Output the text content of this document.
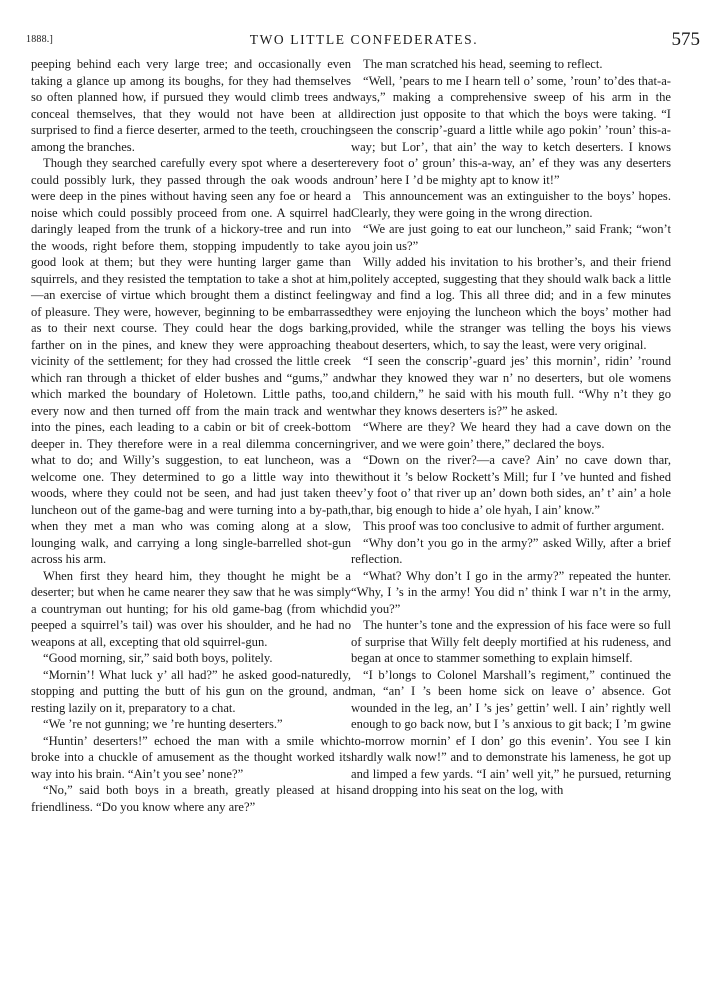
1888.]	TWO LITTLE CONFEDERATES.	575

peeping behind each very large tree; and occasionally even taking a glance up among its boughs, for they had themselves so often planned how, if pursued they would climb trees and conceal themselves, that they would not have been at all surprised to find a fierce deserter, armed to the teeth, crouching among the branches.

Though they searched carefully every spot where a deserter could possibly lurk, they passed through the oak woods and were deep in the pines without having seen any foe or heard a noise which could possibly proceed from one. A squirrel had daringly leaped from the trunk of a hickory-tree and run into the woods, right before them, stopping impudently to take a good look at them; but they were hunting larger game than squirrels, and they resisted the temptation to take a shot at him,—an exercise of virtue which brought them a distinct feeling of pleasure. They were, however, beginning to be embarrassed as to their next course. They could hear the dogs barking, farther on in the pines, and knew they were approaching the vicinity of the settlement; for they had crossed the little creek which ran through a thicket of elder bushes and “gums,” and which marked the boundary of Holetown. Little paths, too, every now and then turned off from the main track and went into the pines, each leading to a cabin or bit of creek-bottom deeper in. They therefore were in a real dilemma concerning what to do; and Willy’s suggestion, to eat luncheon, was a welcome one. They determined to go a little way into the woods, where they could not be seen, and had just taken the luncheon out of the game-bag and were turning into a by-path, when they met a man who was coming along at a slow, lounging walk, and carrying a long single-barrelled shot-gun across his arm.

When first they heard him, they thought he might be a deserter; but when he came nearer they saw that he was simply a countryman out hunting; for his old game-bag (from which peeped a squirrel’s tail) was over his shoulder, and he had no weapons at all, excepting that old squirrel-gun.

“Good morning, sir,” said both boys, politely.

“Mornin’! What luck y’ all had?” he asked good-naturedly, stopping and putting the butt of his gun on the ground, and resting lazily on it, preparatory to a chat.

“We ’re not gunning; we ’re hunting deserters.”

“Huntin’ deserters!” echoed the man with a smile which broke into a chuckle of amusement as the thought worked its way into his brain. “Ain’t you see’ none?”

“No,” said both boys in a breath, greatly pleased at his friendliness. “Do you know where any are?”

The man scratched his head, seeming to reflect.

“Well, ’pears to me I hearn tell o’ some, ’roun’ to’des that-a-ways,” making a comprehensive sweep of his arm in the direction just opposite to that which the boys were taking. “I seen the conscrip’-guard a little while ago pokin’ ’roun’ this-a-way; but Lor’, that ain’ the way to ketch deserters. I knows every foot o’ groun’ this-a-way, an’ ef they was any deserters roun’ here I ’d be mighty apt to know it!”

This announcement was an extinguisher to the boys’ hopes. Clearly, they were going in the wrong direction.

“We are just going to eat our luncheon,” said Frank; “won’t you join us?”

Willy added his invitation to his brother’s, and their friend politely accepted, suggesting that they should walk back a little way and find a log. This all three did; and in a few minutes they were enjoying the luncheon which the boys’ mother had provided, while the stranger was telling the boys his views about deserters, which, to say the least, were very original.

“I seen the conscrip’-guard jes’ this mornin’, ridin’ ’round whar they knowed they war n’ no deserters, but ole womens and childern,” he said with his mouth full. “Why n’t they go whar they knows deserters is?” he asked.

“Where are they? We heard they had a cave down on the river, and we were goin’ there,” declared the boys.

“Down on the river?—a cave? Ain’ no cave down thar, without it ’s below Rockett’s Mill; fur I ’ve hunted and fished ev’y foot o’ that river up an’ down both sides, an’ t’ ain’ a hole thar, big enough to hide a’ ole hyah, I ain’ know.”

This proof was too conclusive to admit of further argument.

“Why don’t you go in the army?” asked Willy, after a brief reflection.

“What? Why don’t I go in the army?” repeated the hunter. “Why, I ’s in the army! You did n’ think I war n’t in the army, did you?”

The hunter’s tone and the expression of his face were so full of surprise that Willy felt deeply mortified at his rudeness, and began at once to stammer something to explain himself.

“I b’longs to Colonel Marshall’s regiment,” continued the man, “an’ I ’s been home sick on leave o’ absence. Got wounded in the leg, an’ I ’s jes’ gettin’ well. I ain’ rightly well enough to go back now, but I ’s anxious to git back; I ’m gwine to-morrow mornin’ ef I don’ go this evenin’. You see I kin hardly walk now!” and to demonstrate his lameness, he got up and limped a few yards. “I ain’ well yit,” he pursued, returning and dropping into his seat on the log, with
